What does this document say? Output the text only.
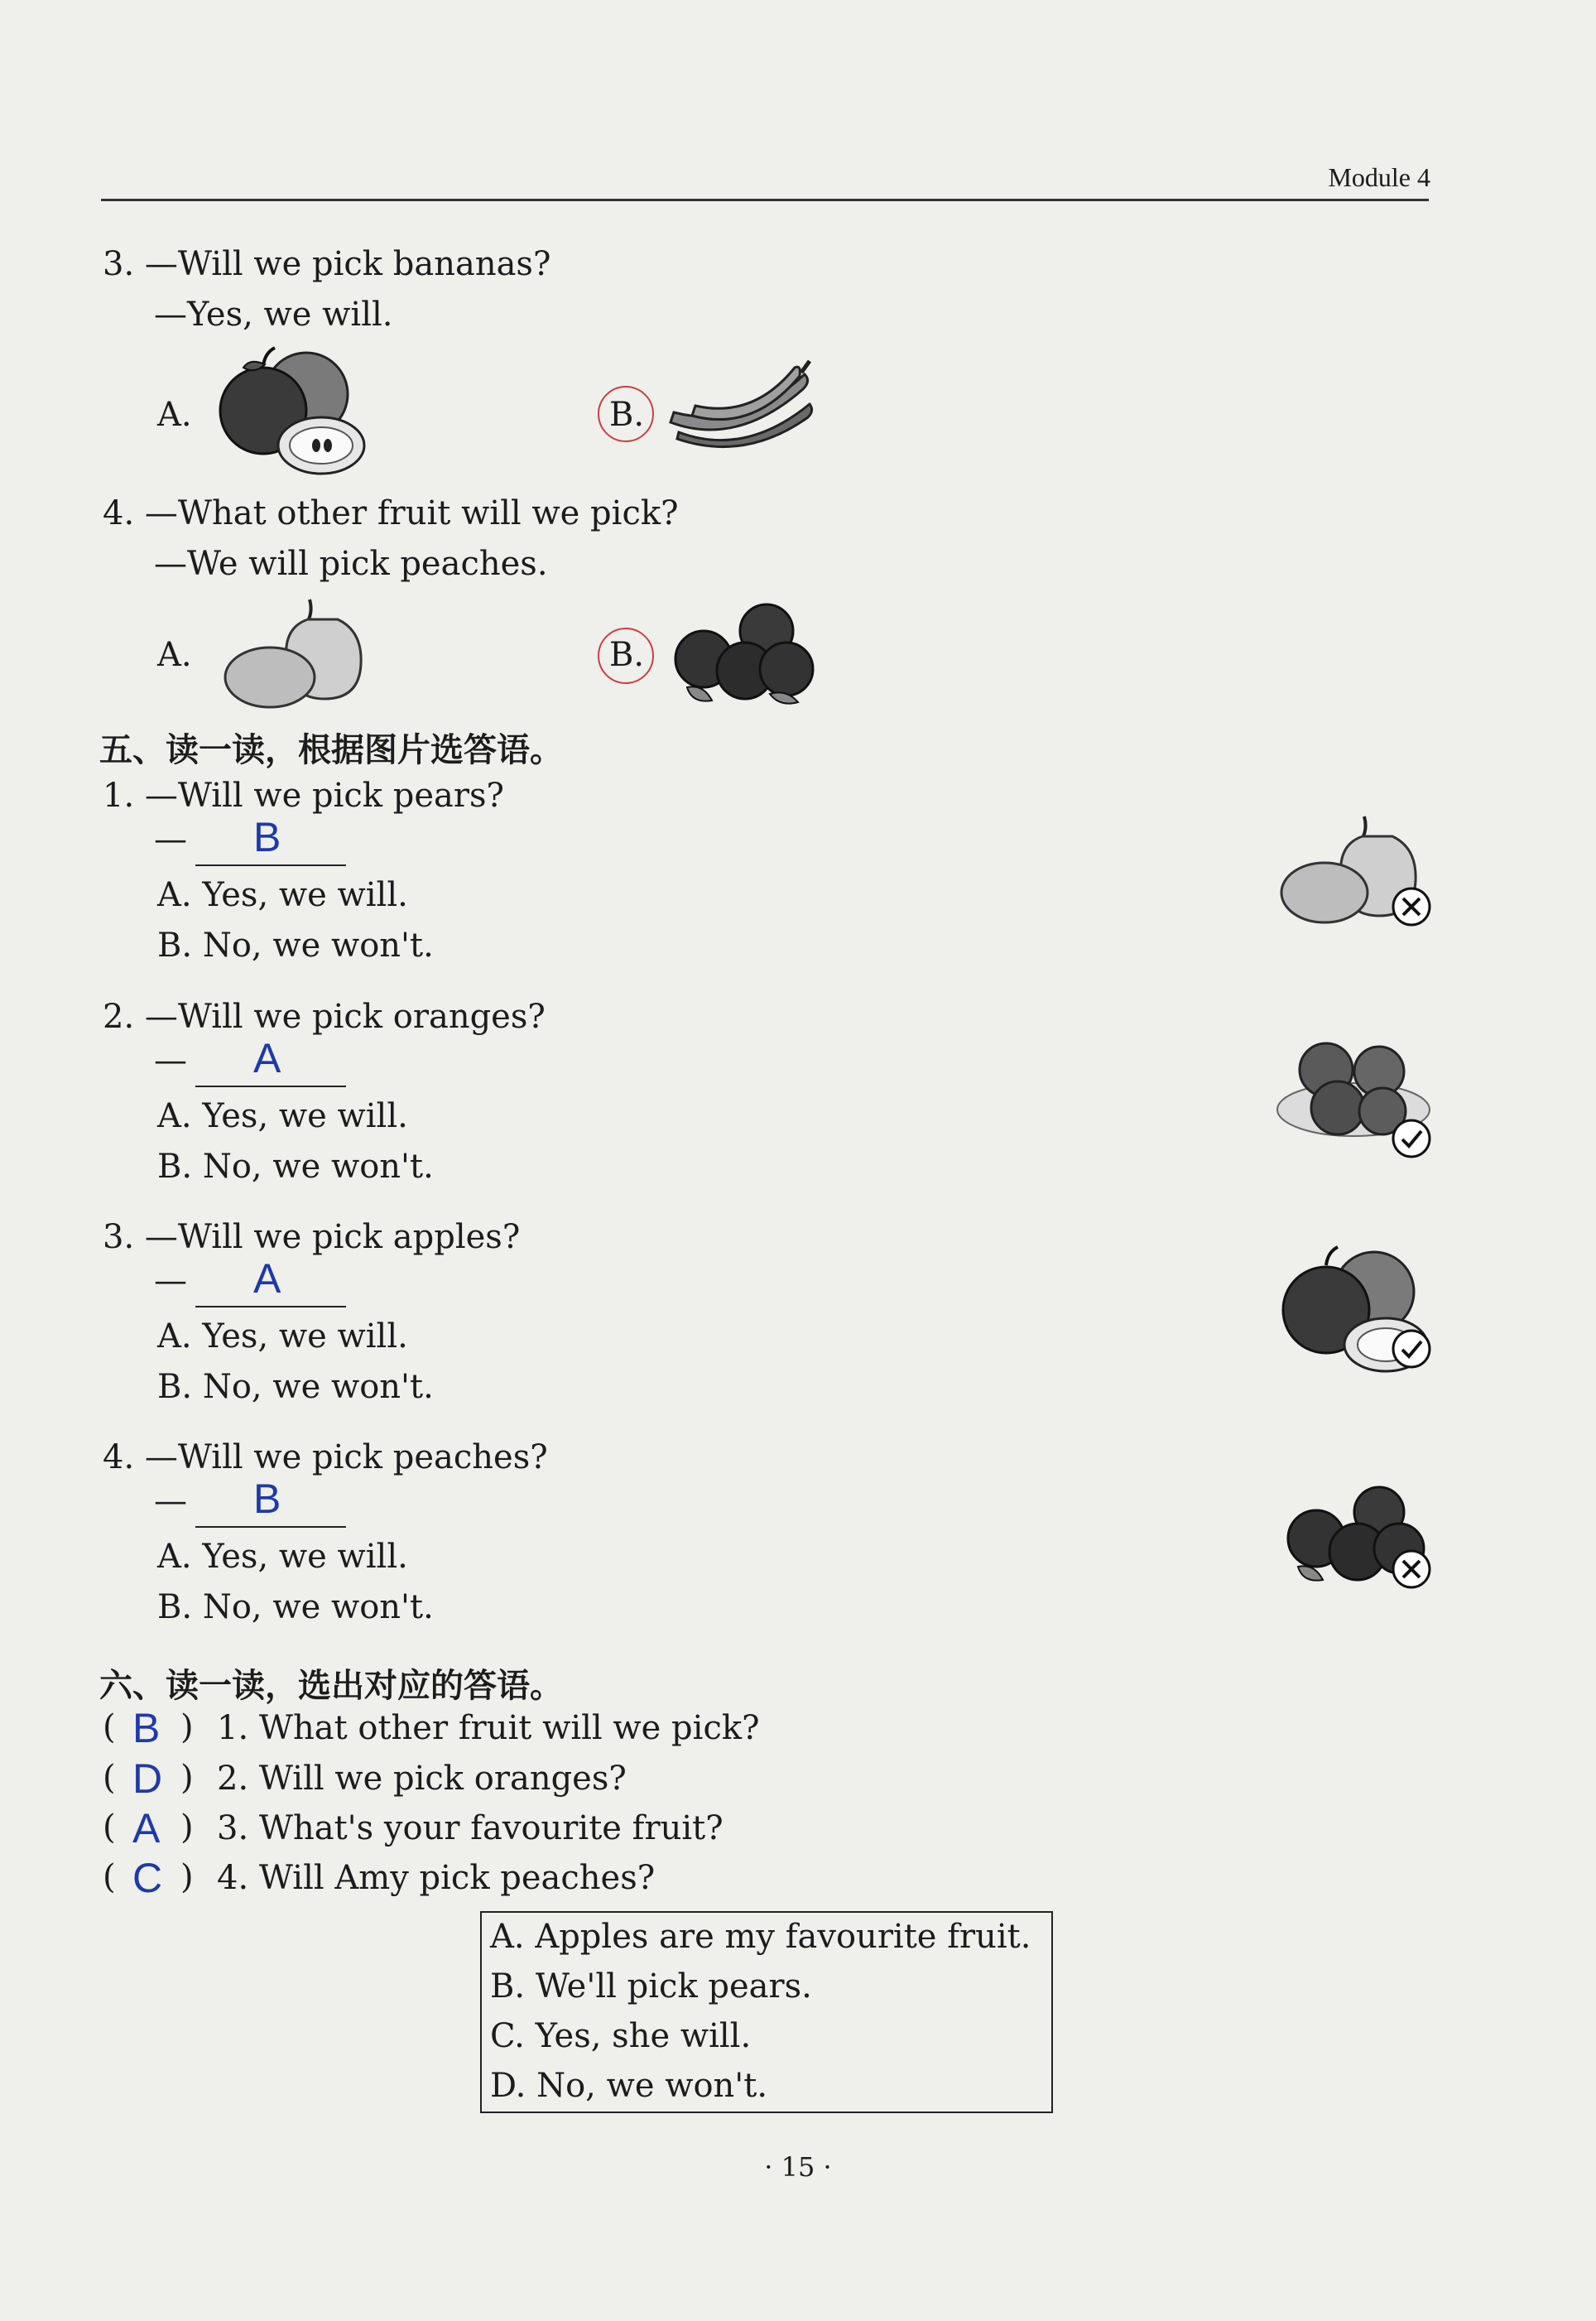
Module 4
3. —Will we pick bananas?
—Yes, we will.
A.	B.
4. —What other fruit will we pick?
—We will pick peaches.
A.	B.
五、读一读，根据图片选答语。
1. —Will we pick pears?
— B
A. Yes, we will.
B. No, we won't.
2. —Will we pick oranges?
— A
A. Yes, we will.
B. No, we won't.
3. —Will we pick apples?
— A
A. Yes, we will.
B. No, we won't.
4. —Will we pick peaches?
— B
A. Yes, we will.
B. No, we won't.
六、读一读，选出对应的答语。
( B ) 1. What other fruit will we pick?
( D ) 2. Will we pick oranges?
( A ) 3. What's your favourite fruit?
( C ) 4. Will Amy pick peaches?
A. Apples are my favourite fruit.
B. We'll pick pears.
C. Yes, she will.
D. No, we won't.
· 15 ·
